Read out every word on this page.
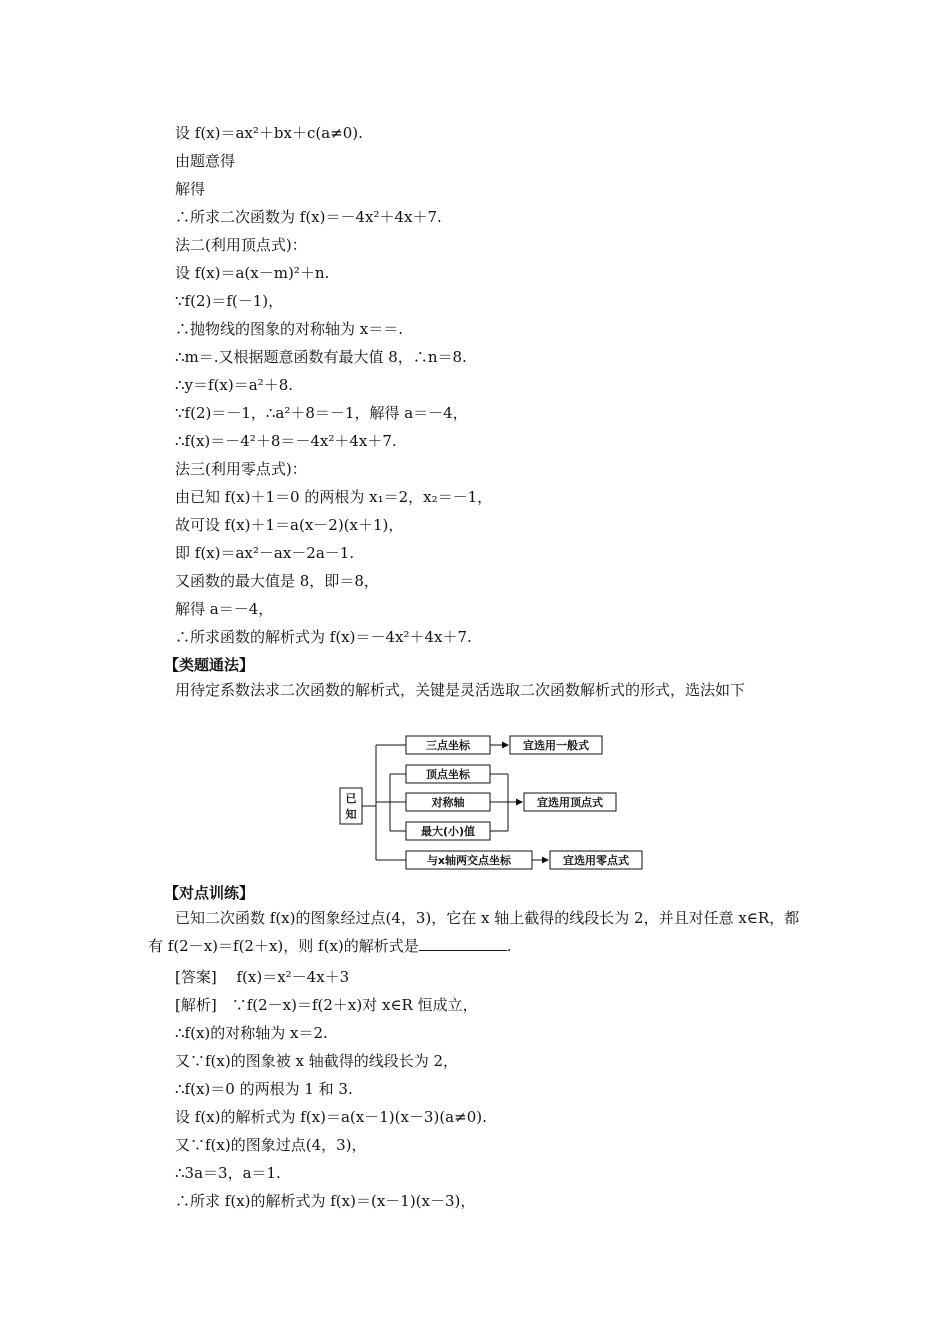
设 f(x)＝ax²＋bx＋c(a≠0).
由题意得
解得
∴所求二次函数为 f(x)＝－4x²＋4x＋7.
法二(利用顶点式)：
设 f(x)＝a(x－m)²＋n.
∵f(2)＝f(－1)，
∴抛物线的图象的对称轴为 x＝＝.
∴m＝.又根据题意函数有最大值 8，∴n＝8.
∴y＝f(x)＝a²＋8.
∵f(2)＝－1，∴a²＋8＝－1，解得 a＝－4，
∴f(x)＝－4²＋8＝－4x²＋4x＋7.
法三(利用零点式)：
由已知 f(x)＋1＝0 的两根为 x₁＝2，x₂＝－1，
故可设 f(x)＋1＝a(x－2)(x＋1)，
即 f(x)＝ax²－ax－2a－1.
又函数的最大值是 8，即＝8，
解得 a＝－4，
∴所求函数的解析式为 f(x)＝－4x²＋4x＋7.
【类题通法】
用待定系数法求二次函数的解析式，关键是灵活选取二次函数解析式的形式，选法如下
已
知
三点坐标
顶点坐标
对称轴
最大(小)值
与x轴两交点坐标
宜选用一般式
宜选用顶点式
宜选用零点式
【对点训练】
已知二次函数 f(x)的图象经过点(4，3)，它在 x 轴上截得的线段长为 2，并且对任意 x∈R，都有 f(2－x)＝f(2＋x)，则 f(x)的解析式是	.
[答案]　 f(x)＝x²－4x＋3
[解析]　∵f(2－x)＝f(2＋x)对 x∈R 恒成立，
∴f(x)的对称轴为 x＝2.
又∵f(x)的图象被 x 轴截得的线段长为 2，
∴f(x)＝0 的两根为 1 和 3.
设 f(x)的解析式为 f(x)＝a(x－1)(x－3)(a≠0).
又∵f(x)的图象过点(4，3)，
∴3a＝3，a＝1.
∴所求 f(x)的解析式为 f(x)＝(x－1)(x－3)，
